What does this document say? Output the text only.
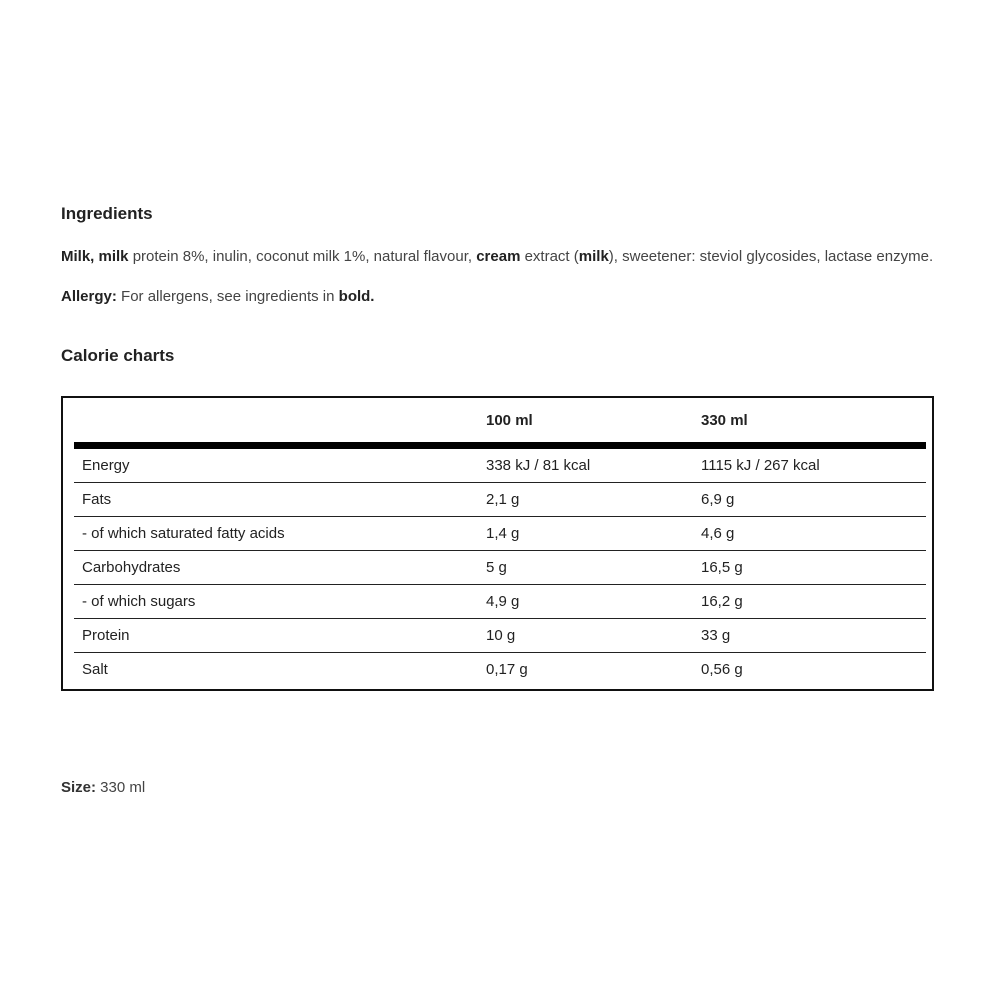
Ingredients

Milk, milk protein 8%, inulin, coconut milk 1%, natural flavour, cream extract (milk), sweetener: steviol glycosides, lactase enzyme.

Allergy: For allergens, see ingredients in bold.

Calorie charts
	100 ml	330 ml
Energy	338 kJ / 81 kcal	1115 kJ / 267 kcal
Fats	2,1 g	6,9 g
- of which saturated fatty acids	1,4 g	4,6 g
Carbohydrates	5 g	16,5 g
- of which sugars	4,9 g	16,2 g
Protein	10 g	33 g
Salt	0,17 g	0,56 g

Size: 330 ml
